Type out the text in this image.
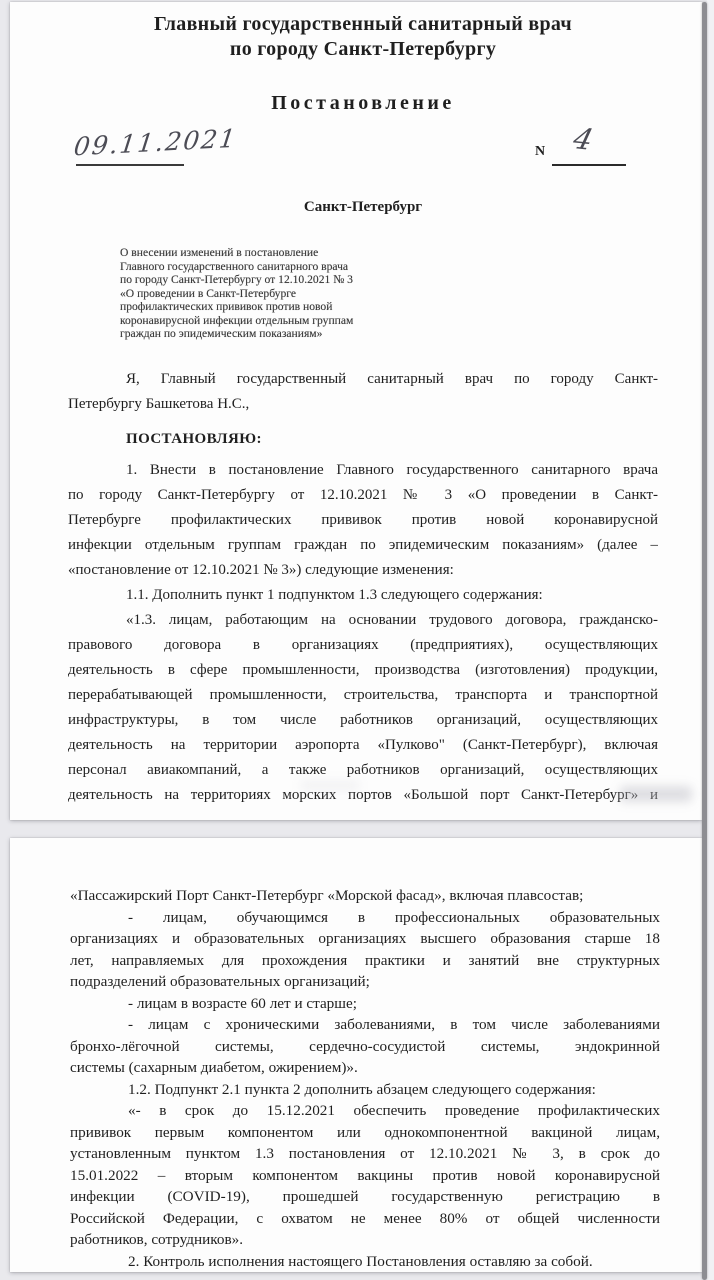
Главный государственный санитарный врач
по городу Санкт-Петербургу
Постановление
09.11.2021	N 4
Санкт-Петербург
О внесении изменений в постановление
Главного государственного санитарного врача
по городу Санкт-Петербургу от 12.10.2021 № 3
«О проведении в Санкт-Петербурге
профилактических прививок против новой
коронавирусной инфекции отдельным группам
граждан по эпидемическим показаниям»
Я, Главный государственный санитарный врач по городу Санкт-
Петербургу Башкетова Н.С.,
ПОСТАНОВЛЯЮ:
1. Внести в постановление Главного государственного санитарного врача
по городу Санкт-Петербургу от 12.10.2021 № 3 «О проведении в Санкт-
Петербурге профилактических прививок против новой коронавирусной
инфекции отдельным группам граждан по эпидемическим показаниям» (далее –
«постановление от 12.10.2021 № 3») следующие изменения:
1.1. Дополнить пункт 1 подпунктом 1.3 следующего содержания:
«1.3. лицам, работающим на основании трудового договора, гражданско-
правового договора в организациях (предприятиях), осуществляющих
деятельность в сфере промышленности, производства (изготовления) продукции,
перерабатывающей промышленности, строительства, транспорта и транспортной
инфраструктуры, в том числе работников организаций, осуществляющих
деятельность на территории аэропорта «Пулково" (Санкт-Петербург), включая
персонал авиакомпаний, а также работников организаций, осуществляющих
деятельность на территориях морских портов «Большой порт Санкт-Петербург» и
«Пассажирский Порт Санкт-Петербург «Морской фасад», включая плавсостав;
- лицам, обучающимся в профессиональных образовательных
организациях и образовательных организациях высшего образования старше 18
лет, направляемых для прохождения практики и занятий вне структурных
подразделений образовательных организаций;
- лицам в возрасте 60 лет и старше;
- лицам с хроническими заболеваниями, в том числе заболеваниями
бронхо-лёгочной системы, сердечно-сосудистой системы, эндокринной
системы (сахарным диабетом, ожирением)».
1.2. Подпункт 2.1 пункта 2 дополнить абзацем следующего содержания:
«- в срок до 15.12.2021 обеспечить проведение профилактических
прививок первым компонентом или однокомпонентной вакциной лицам,
установленным пунктом 1.3 постановления от 12.10.2021 № 3, в срок до
15.01.2022 – вторым компонентом вакцины против новой коронавирусной
инфекции (COVID-19), прошедшей государственную регистрацию в
Российской Федерации, с охватом не менее 80% от общей численности
работников, сотрудников».
2. Контроль исполнения настоящего Постановления оставляю за собой.
